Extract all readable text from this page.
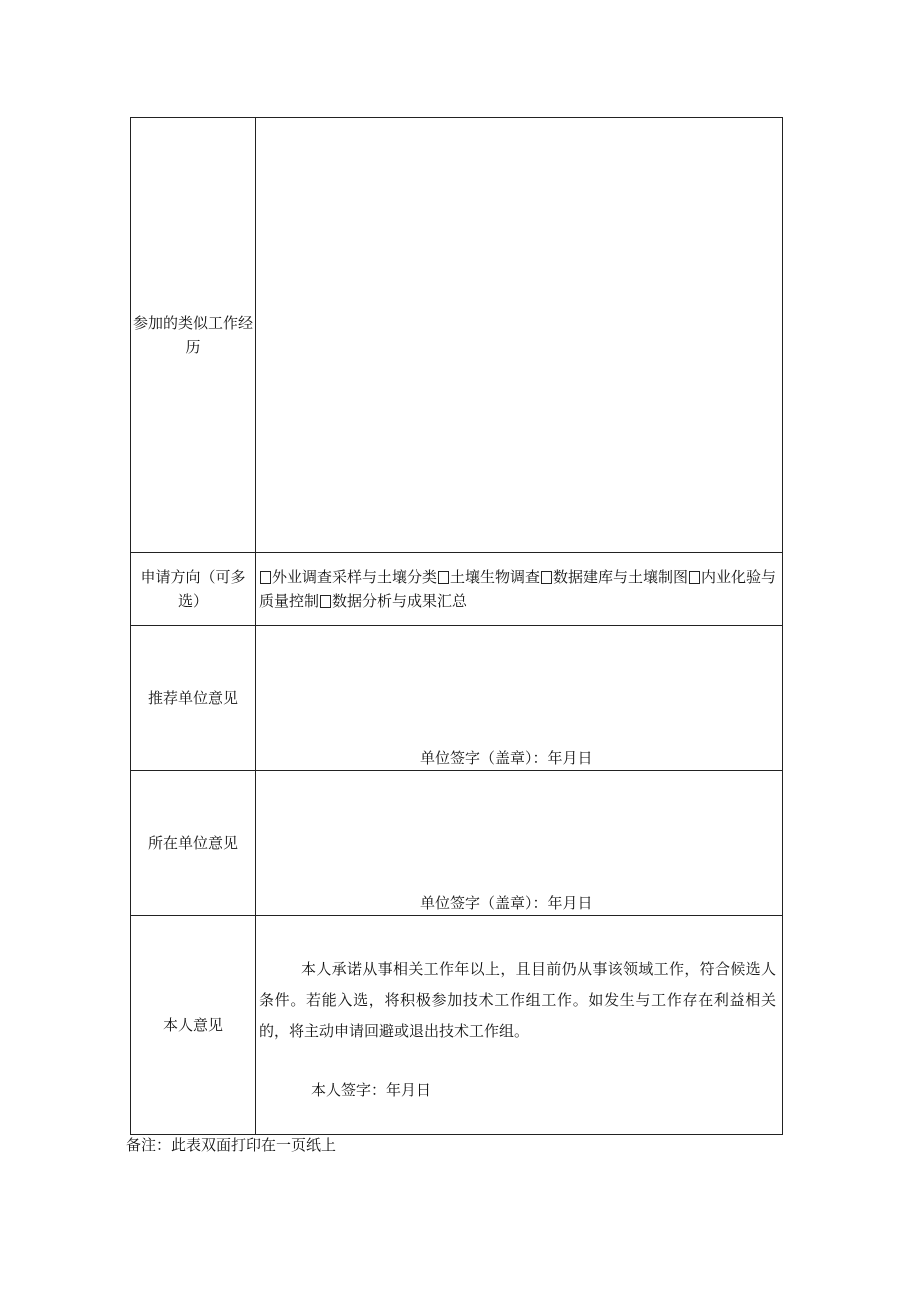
参加的类似工作经历	
申请方向（可多选）	外业调查采样与土壤分类 土壤生物调查 数据建库与土壤制图 内业化验与质量控制 数据分析与成果汇总

推荐单位意见	单位签字（盖章）：年月日

所在单位意见	单位签字（盖章）：年月日

本人意见	本人承诺从事相关工作年以上，且目前仍从事该领域工作，符合候选人条件。若能入选，将积极参加技术工作组工作。如发生与工作存在利益相关的，将主动申请回避或退出技术工作组。
本人签字：年月日
备注：此表双面打印在一页纸上
